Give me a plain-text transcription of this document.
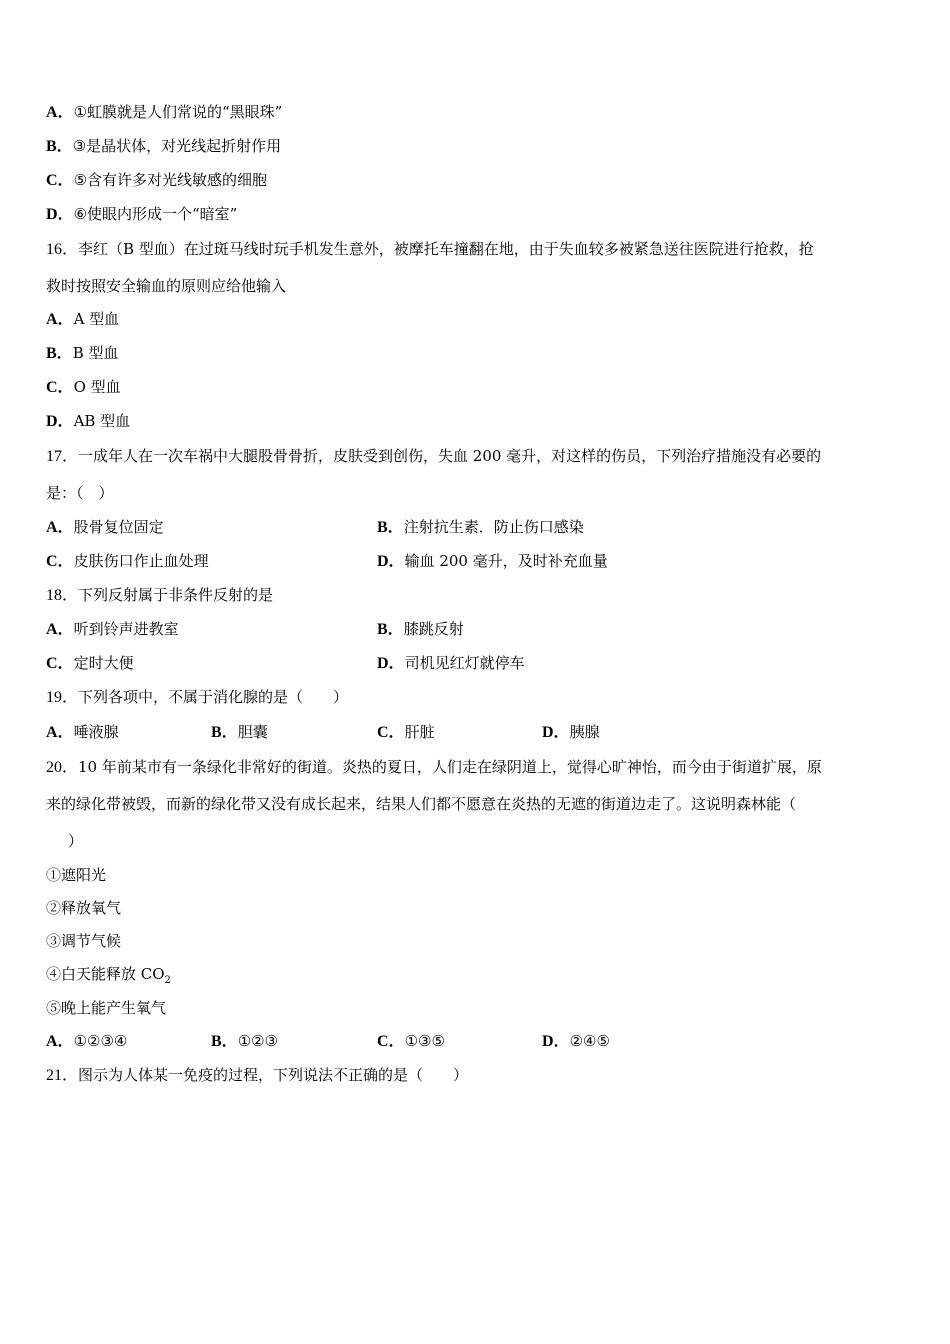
A．①虹膜就是人们常说的“黑眼珠”
B．③是晶状体，对光线起折射作用
C．⑤含有许多对光线敏感的细胞
D．⑥使眼内形成一个“暗室”
16．李红（B 型血）在过斑马线时玩手机发生意外，被摩托车撞翻在地，由于失血较多被紧急送往医院进行抢救，抢
救时按照安全输血的原则应给他输入
A．A 型血
B．B 型血
C．O 型血
D．AB 型血
17．一成年人在一次车祸中大腿股骨骨折，皮肤受到创伤，失血 200 毫升，对这样的伤员，下列治疗措施没有必要的
是：（　）
A．股骨复位固定	B．注射抗生素．防止伤口感染
C．皮肤伤口作止血处理	D．输血 200 毫升，及时补充血量
18．下列反射属于非条件反射的是
A．听到铃声进教室	B．膝跳反射
C．定时大便	D．司机见红灯就停车
19．下列各项中，不属于消化腺的是（　　）
A．唾液腺	B．胆囊	C．肝脏	D．胰腺
20．10 年前某市有一条绿化非常好的街道。炎热的夏日，人们走在绿阴道上，觉得心旷神怡，而今由于街道扩展，原
来的绿化带被毁，而新的绿化带又没有成长起来，结果人们都不愿意在炎热的无遮的街道边走了。这说明森林能（
）
①遮阳光
②释放氧气
③调节气候
④白天能释放 $CO_2$
⑤晚上能产生氧气
A．①②③④	B．①②③	C．①③⑤	D．②④⑤
21．图示为人体某一免疫的过程，下列说法不正确的是（　　）
